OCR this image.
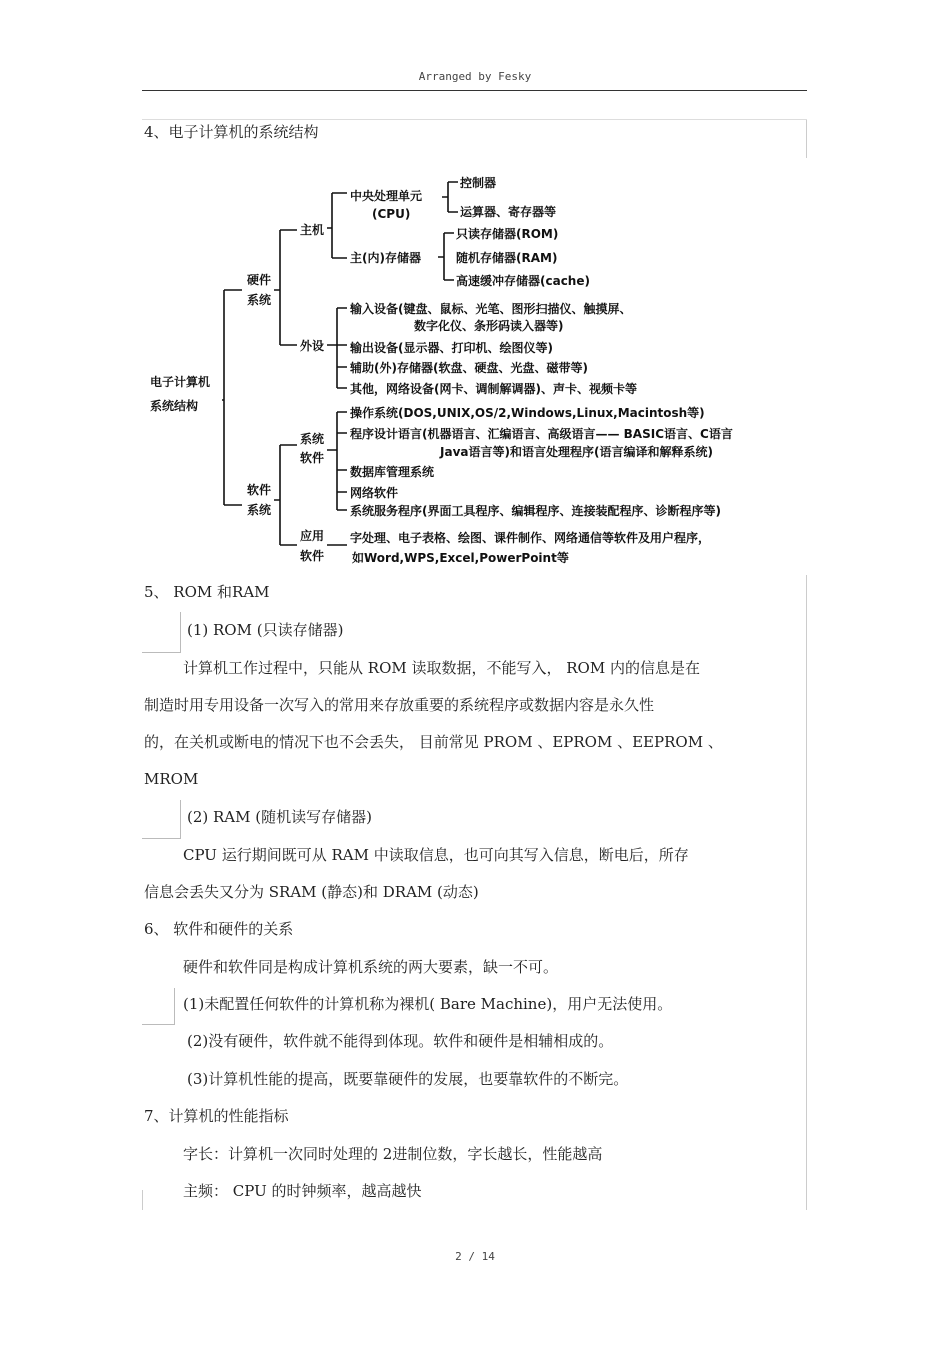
Arranged by Fesky
4、电子计算机的系统结构
电子计算机
系统结构
硬件
系统
主机
中央处理单元
(CPU)
控制器
运算器、寄存器等
主(内)存储器
只读存储器(ROM)
随机存储器(RAM)
高速缓冲存储器(cache)
外设
输入设备(键盘、鼠标、光笔、图形扫描仪、触摸屏、
数字化仪、条形码读入器等)
输出设备(显示器、打印机、绘图仪等)
辅助(外)存储器(软盘、硬盘、光盘、磁带等)
其他，网络设备(网卡、调制解调器)、声卡、视频卡等
软件
系统
系统
软件
操作系统(DOS,UNIX,OS/2,Windows,Linux,Macintosh等)
程序设计语言(机器语言、汇编语言、高级语言—— BASIC语言、C语言
Java语言等)和语言处理程序(语言编译和解释系统)
数据库管理系统
网络软件
系统服务程序(界面工具程序、编辑程序、连接装配程序、诊断程序等)
应用
软件
字处理、电子表格、绘图、课件制作、网络通信等软件及用户程序，
如Word,WPS,Excel,PowerPoint等
5、 ROM 和RAM
(1) ROM (只读存储器)
计算机工作过程中，只能从 ROM 读取数据，不能写入， ROM 内的信息是在
制造时用专用设备一次写入的常用来存放重要的系统程序或数据内容是永久性
的，在关机或断电的情况下也不会丢失， 目前常见 PROM 、EPROM 、EEPROM 、
MROM
(2) RAM (随机读写存储器)
CPU 运行期间既可从 RAM 中读取信息，也可向其写入信息，断电后，所存
信息会丢失又分为 SRAM (静态)和 DRAM (动态)
6、 软件和硬件的关系
硬件和软件同是构成计算机系统的两大要素，缺一不可。
(1)未配置任何软件的计算机称为裸机( Bare Machine)，用户无法使用。
(2)没有硬件，软件就不能得到体现。软件和硬件是相辅相成的。
(3)计算机性能的提高，既要靠硬件的发展，也要靠软件的不断完。
7、计算机的性能指标
字长：计算机一次同时处理的 2进制位数，字长越长，性能越高
主频： CPU 的时钟频率，越高越快
2 / 14
